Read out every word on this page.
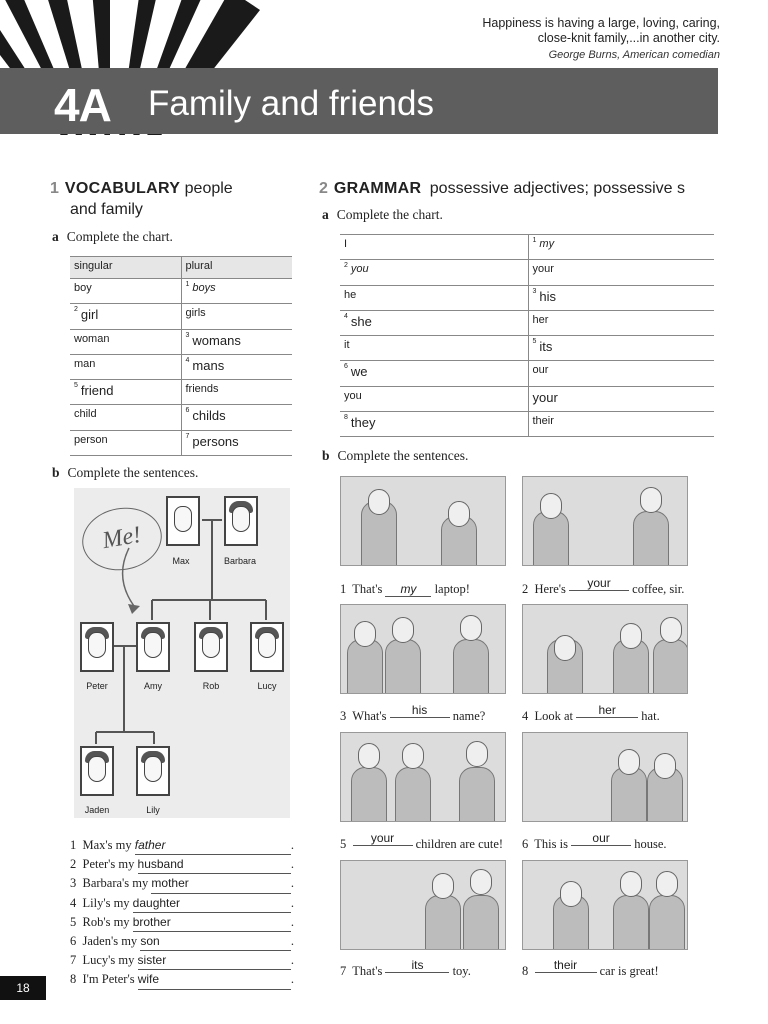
Happiness is having a large, loving, caring,
close-knit family,...in another city.
George Burns, American comedian
4A Family and friends
1 VOCABULARY people
and family
a Complete the chart.
singular	plural
boy	$^1$ boys
$^2$ girl	girls
woman	$^3$ womans
man	$^4$ mans
$^5$ friend	friends
child	$^6$ childs
person	$^7$ persons
b Complete the sentences.
Me!
Max	Barbara
Peter	Amy	Rob	Lucy
Jaden	Lily
1
Max's my
father	.
2
Peter's my
husband	.
3
Barbara's my
mother	.
4
Lily's my
daughter	.
5
Rob's my
brother	.
6
Jaden's my
son	.
7
Lucy's my
sister	.
8
I'm Peter's
wife	.
2 GRAMMAR possessive adjectives; possessive s
a Complete the chart.
I	$^1$ my
$^2$ you	your
he	$^3$ his
$^4$ she	her
it	$^5$ its
$^6$ we	our
you	your
$^8$ they	their
b Complete the sentences.
1 That's my laptop!	2 Here's your coffee, sir.
3 What's his name?	4 Look at her hat.
5 your children are cute! 6 This is our house.
7 That's its toy.	8 their car is great!
18
